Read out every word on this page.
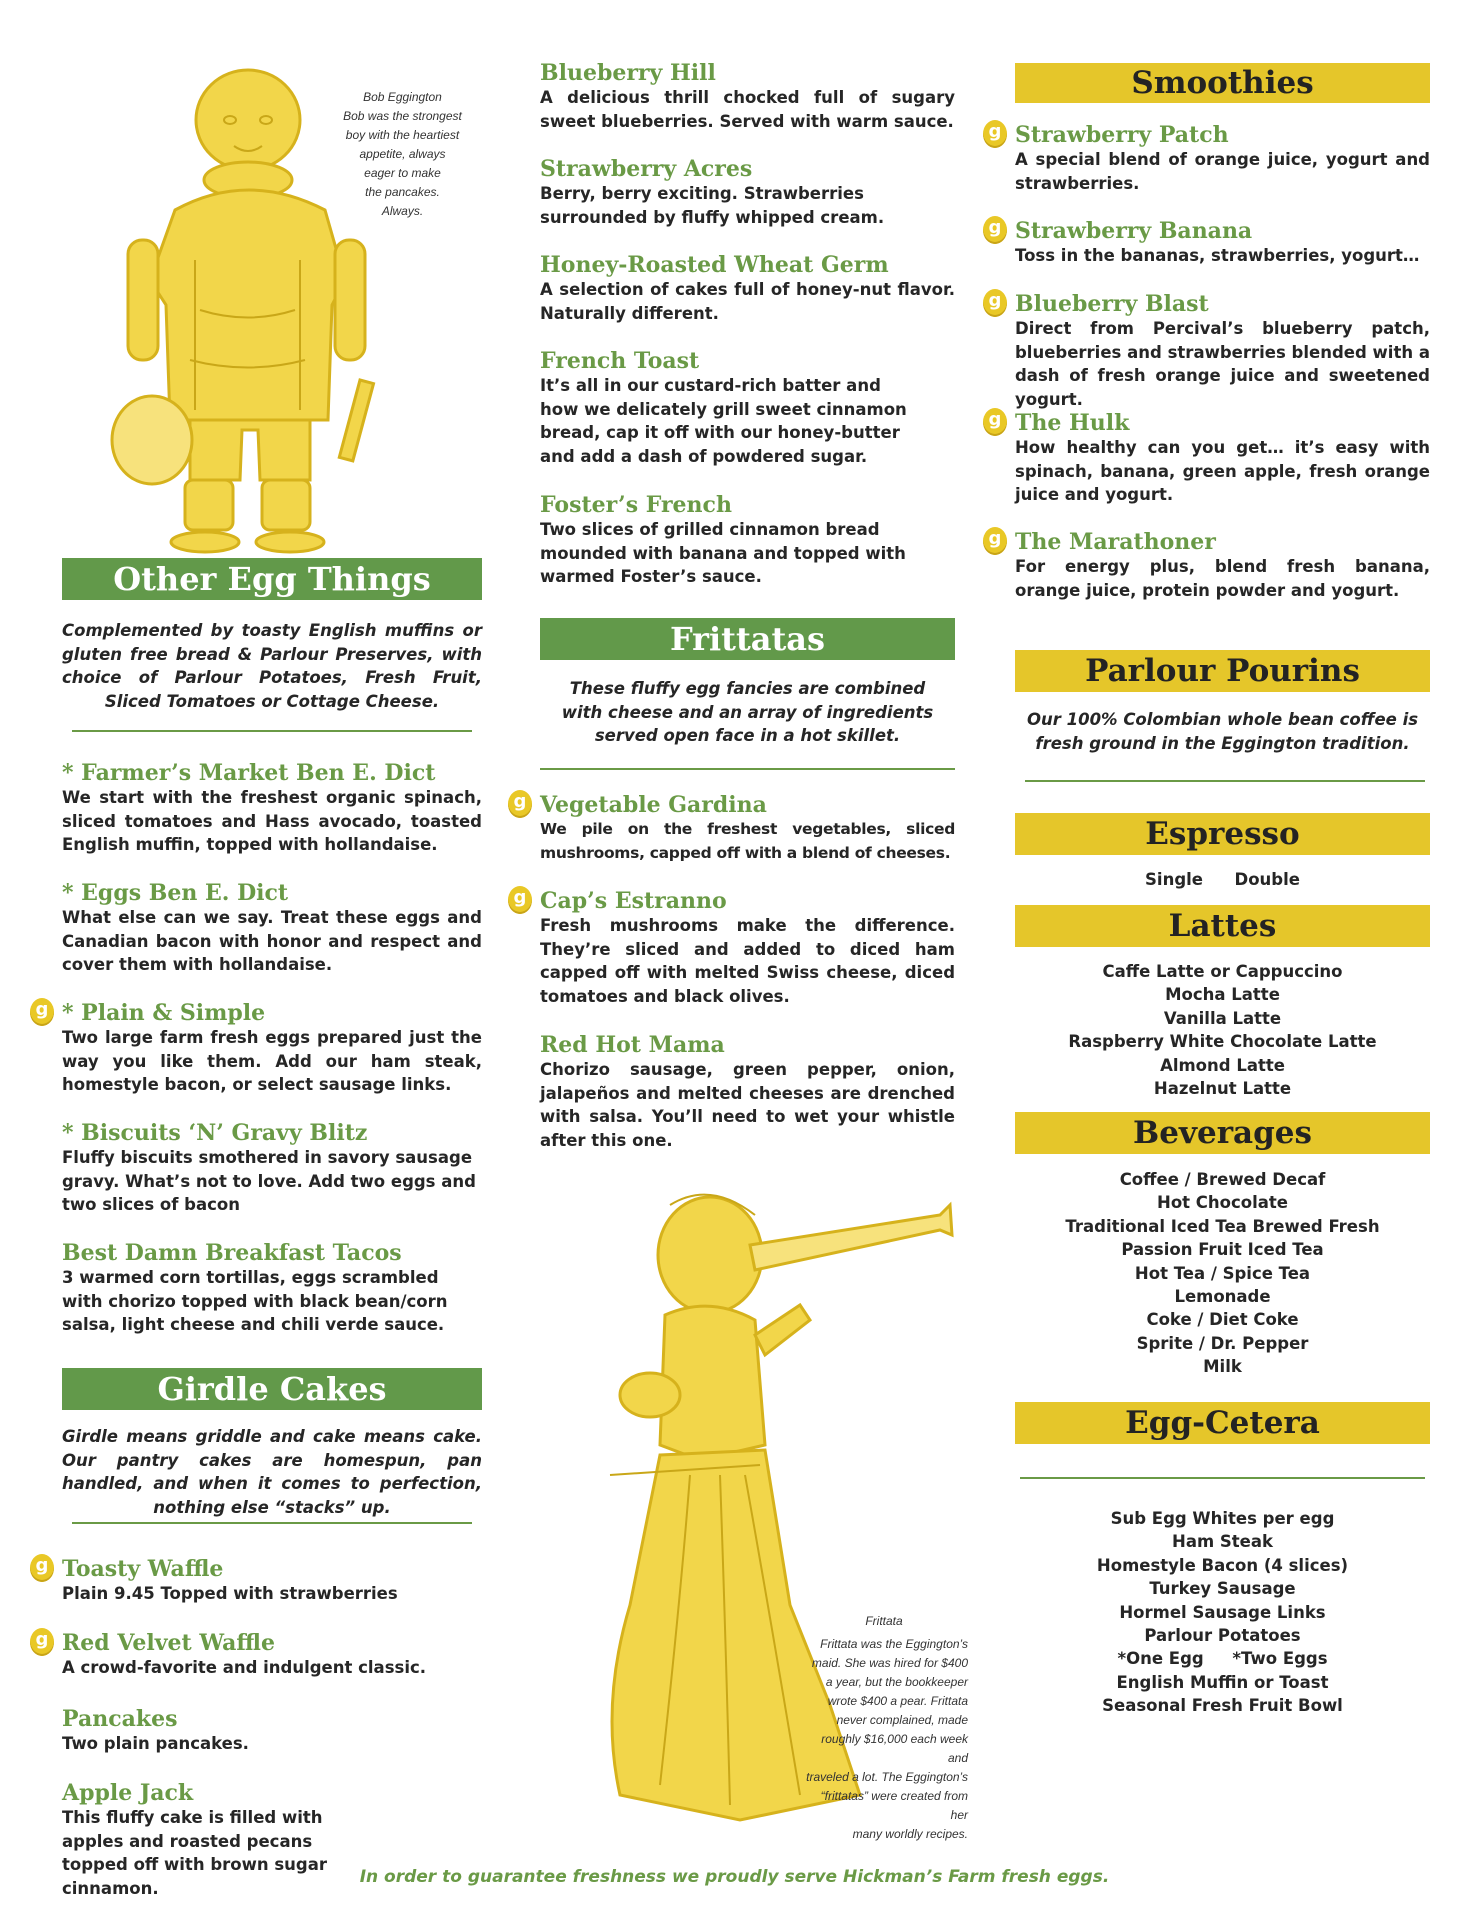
Bob Eggington
Bob was the strongest
boy with the heartiest
appetite, always
eager to make
the pancakes.
Always.
Other Egg Things
Complemented by toasty English muffins or gluten free bread & Parlour Preserves, with choice of Parlour Potatoes, Fresh Fruit, Sliced Tomatoes or Cottage Cheese.

* Farmer’s Market Ben E. Dict

We start with the freshest organic spinach, sliced tomatoes and Hass avocado, toasted English muffin, topped with hollandaise.

* Eggs Ben E. Dict

What else can we say. Treat these eggs and Canadian bacon with honor and respect and cover them with hollandaise.

g * Plain & Simple

Two large farm fresh eggs prepared just the way you like them. Add our ham steak, homestyle bacon, or select sausage links.

* Biscuits ‘N’ Gravy Blitz

Fluffy biscuits smothered in savory sausage gravy. What’s not to love. Add two eggs and two slices of bacon

Best Damn Breakfast Tacos

3 warmed corn tortillas, eggs scrambled with chorizo topped with black bean/corn salsa, light cheese and chili verde sauce.

Girdle Cakes
Girdle means griddle and cake means cake. Our pantry cakes are homespun, pan handled, and when it comes to perfection, nothing else “stacks” up.
g Toasty Waffle

Plain 9.45 Topped with strawberries

g Red Velvet Waffle

A crowd-favorite and indulgent classic.

Pancakes

Two plain pancakes.

Apple Jack

This fluffy cake is filled with apples and roasted pecans topped off with brown sugar cinnamon.

Blueberry Hill

A delicious thrill chocked full of sugary sweet blueberries. Served with warm sauce.

Strawberry Acres

Berry, berry exciting. Strawberries surrounded by fluffy whipped cream.

Honey-Roasted Wheat Germ

A selection of cakes full of honey-nut flavor. Naturally different.

French Toast

It’s all in our custard-rich batter and how we delicately grill sweet cinnamon bread, cap it off with our honey-butter and add a dash of powdered sugar.

Foster’s French

Two slices of grilled cinnamon bread mounded with banana and topped with warmed Foster’s sauce.

Frittatas
These fluffy egg fancies are combined with cheese and an array of ingredients served open face in a hot skillet.
g Vegetable Gardina

We pile on the freshest vegetables, sliced mushrooms, capped off with a blend of cheeses.

g Cap’s Estranno

Fresh mushrooms make the difference. They’re sliced and added to diced ham capped off with melted Swiss cheese, diced tomatoes and black olives.

Red Hot Mama

Chorizo sausage, green pepper, onion, jalapeños and melted cheeses are drenched with salsa. You’ll need to wet your whistle after this one.

Frittata
Frittata was the Eggington’s
maid. She was hired for $400
a year, but the bookkeeper
wrote $400 a pear. Frittata
never complained, made
roughly $16,000 each week and
traveled a lot. The Eggington’s
“frittatas” were created from her
many worldly recipes.
Smoothies
g Strawberry Patch

A special blend of orange juice, yogurt and strawberries.

g Strawberry Banana

Toss in the bananas, strawberries, yogurt…

g Blueberry Blast

Direct from Percival’s blueberry patch, blueberries and strawberries blended with a dash of fresh orange juice and sweetened yogurt.

g The Hulk

How healthy can you get… it’s easy with spinach, banana, green apple, fresh orange juice and yogurt.

g The Marathoner

For energy plus, blend fresh banana, orange juice, protein powder and yogurt.

Parlour Pourins
Our 100% Colombian whole bean coffee is fresh ground in the Eggington tradition.
Espresso
Single Double
Lattes
Caffe Latte or Cappuccino
Mocha Latte
Vanilla Latte
Raspberry White Chocolate Latte
Almond Latte
Hazelnut Latte
Beverages
Coffee / Brewed Decaf
Hot Chocolate
Traditional Iced Tea Brewed Fresh
Passion Fruit Iced Tea
Hot Tea / Spice Tea
Lemonade
Coke / Diet Coke
Sprite / Dr. Pepper
Milk
Egg-Cetera
Sub Egg Whites per egg
Ham Steak
Homestyle Bacon (4 slices)
Turkey Sausage
Hormel Sausage Links
Parlour Potatoes
*One Egg     *Two Eggs
English Muffin or Toast
Seasonal Fresh Fruit Bowl
In order to guarantee freshness we proudly serve Hickman’s Farm fresh eggs.
